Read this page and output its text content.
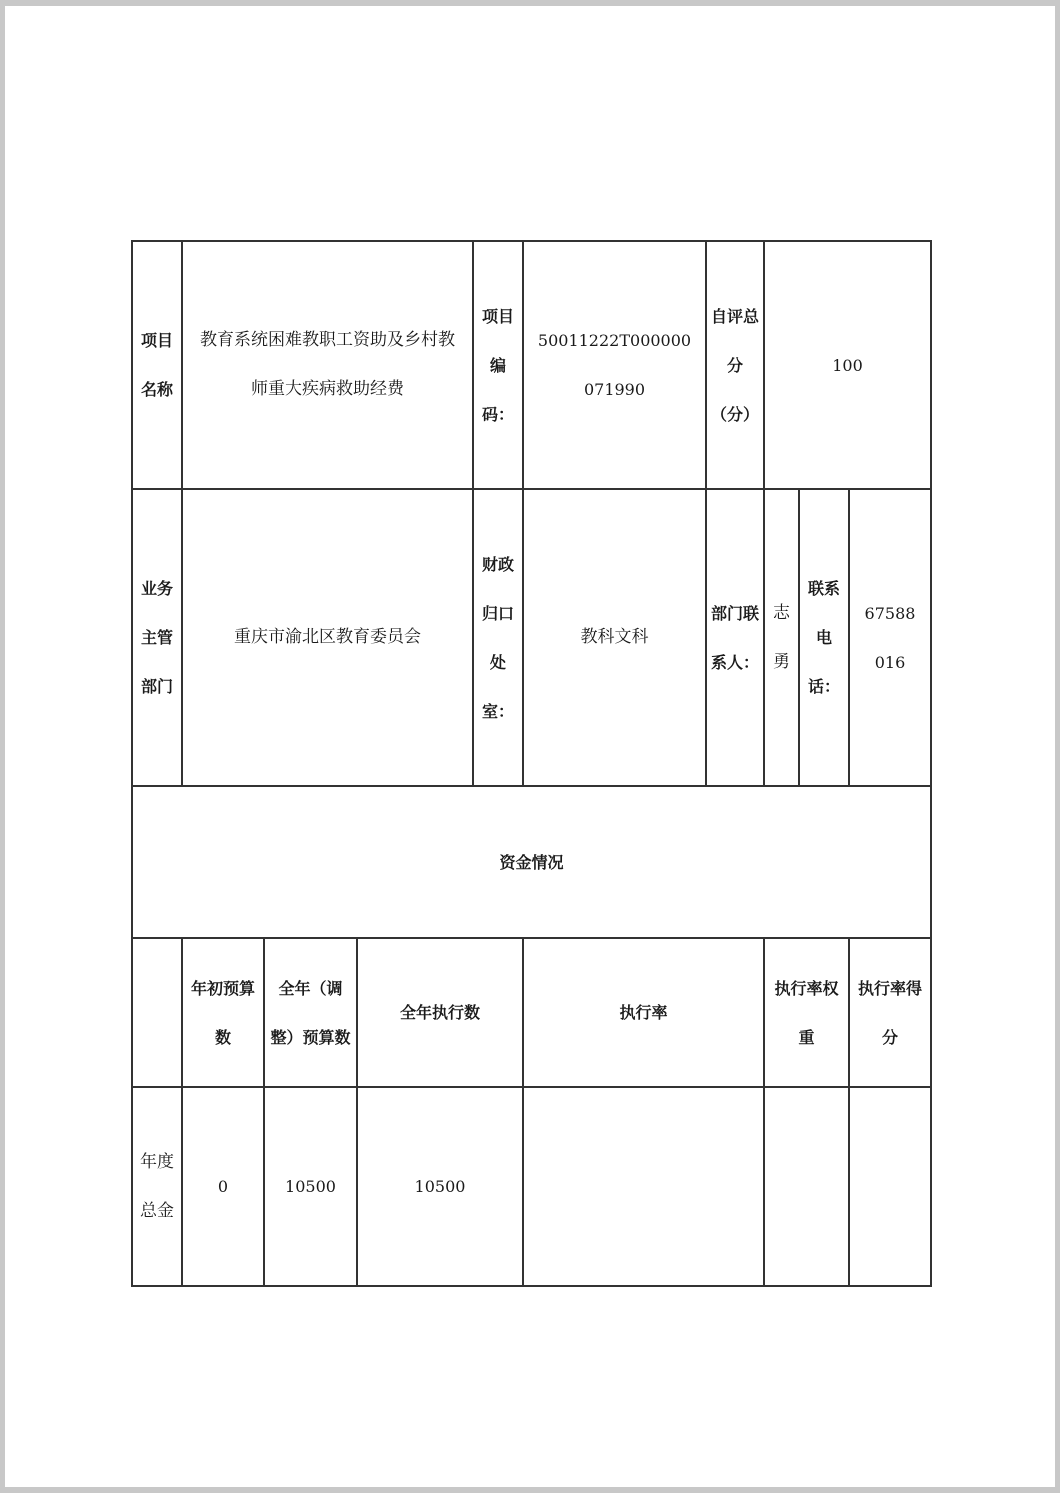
项目名称	教育系统困难教职工资助及乡村教师重大疾病救助经费			项目编码：	50011222T000000071990	自评总分（分）	100		
业务主管部门	重庆市渝北区教育委员会			财政归口处室：	教科文科	部门联系人：	志勇	联系电话：	67588016
资金情况									
	年初预算数	全年（调整）预算数	全年执行数		执行率		执行率权重		执行率得分
年度总金	0	10500	10500						
